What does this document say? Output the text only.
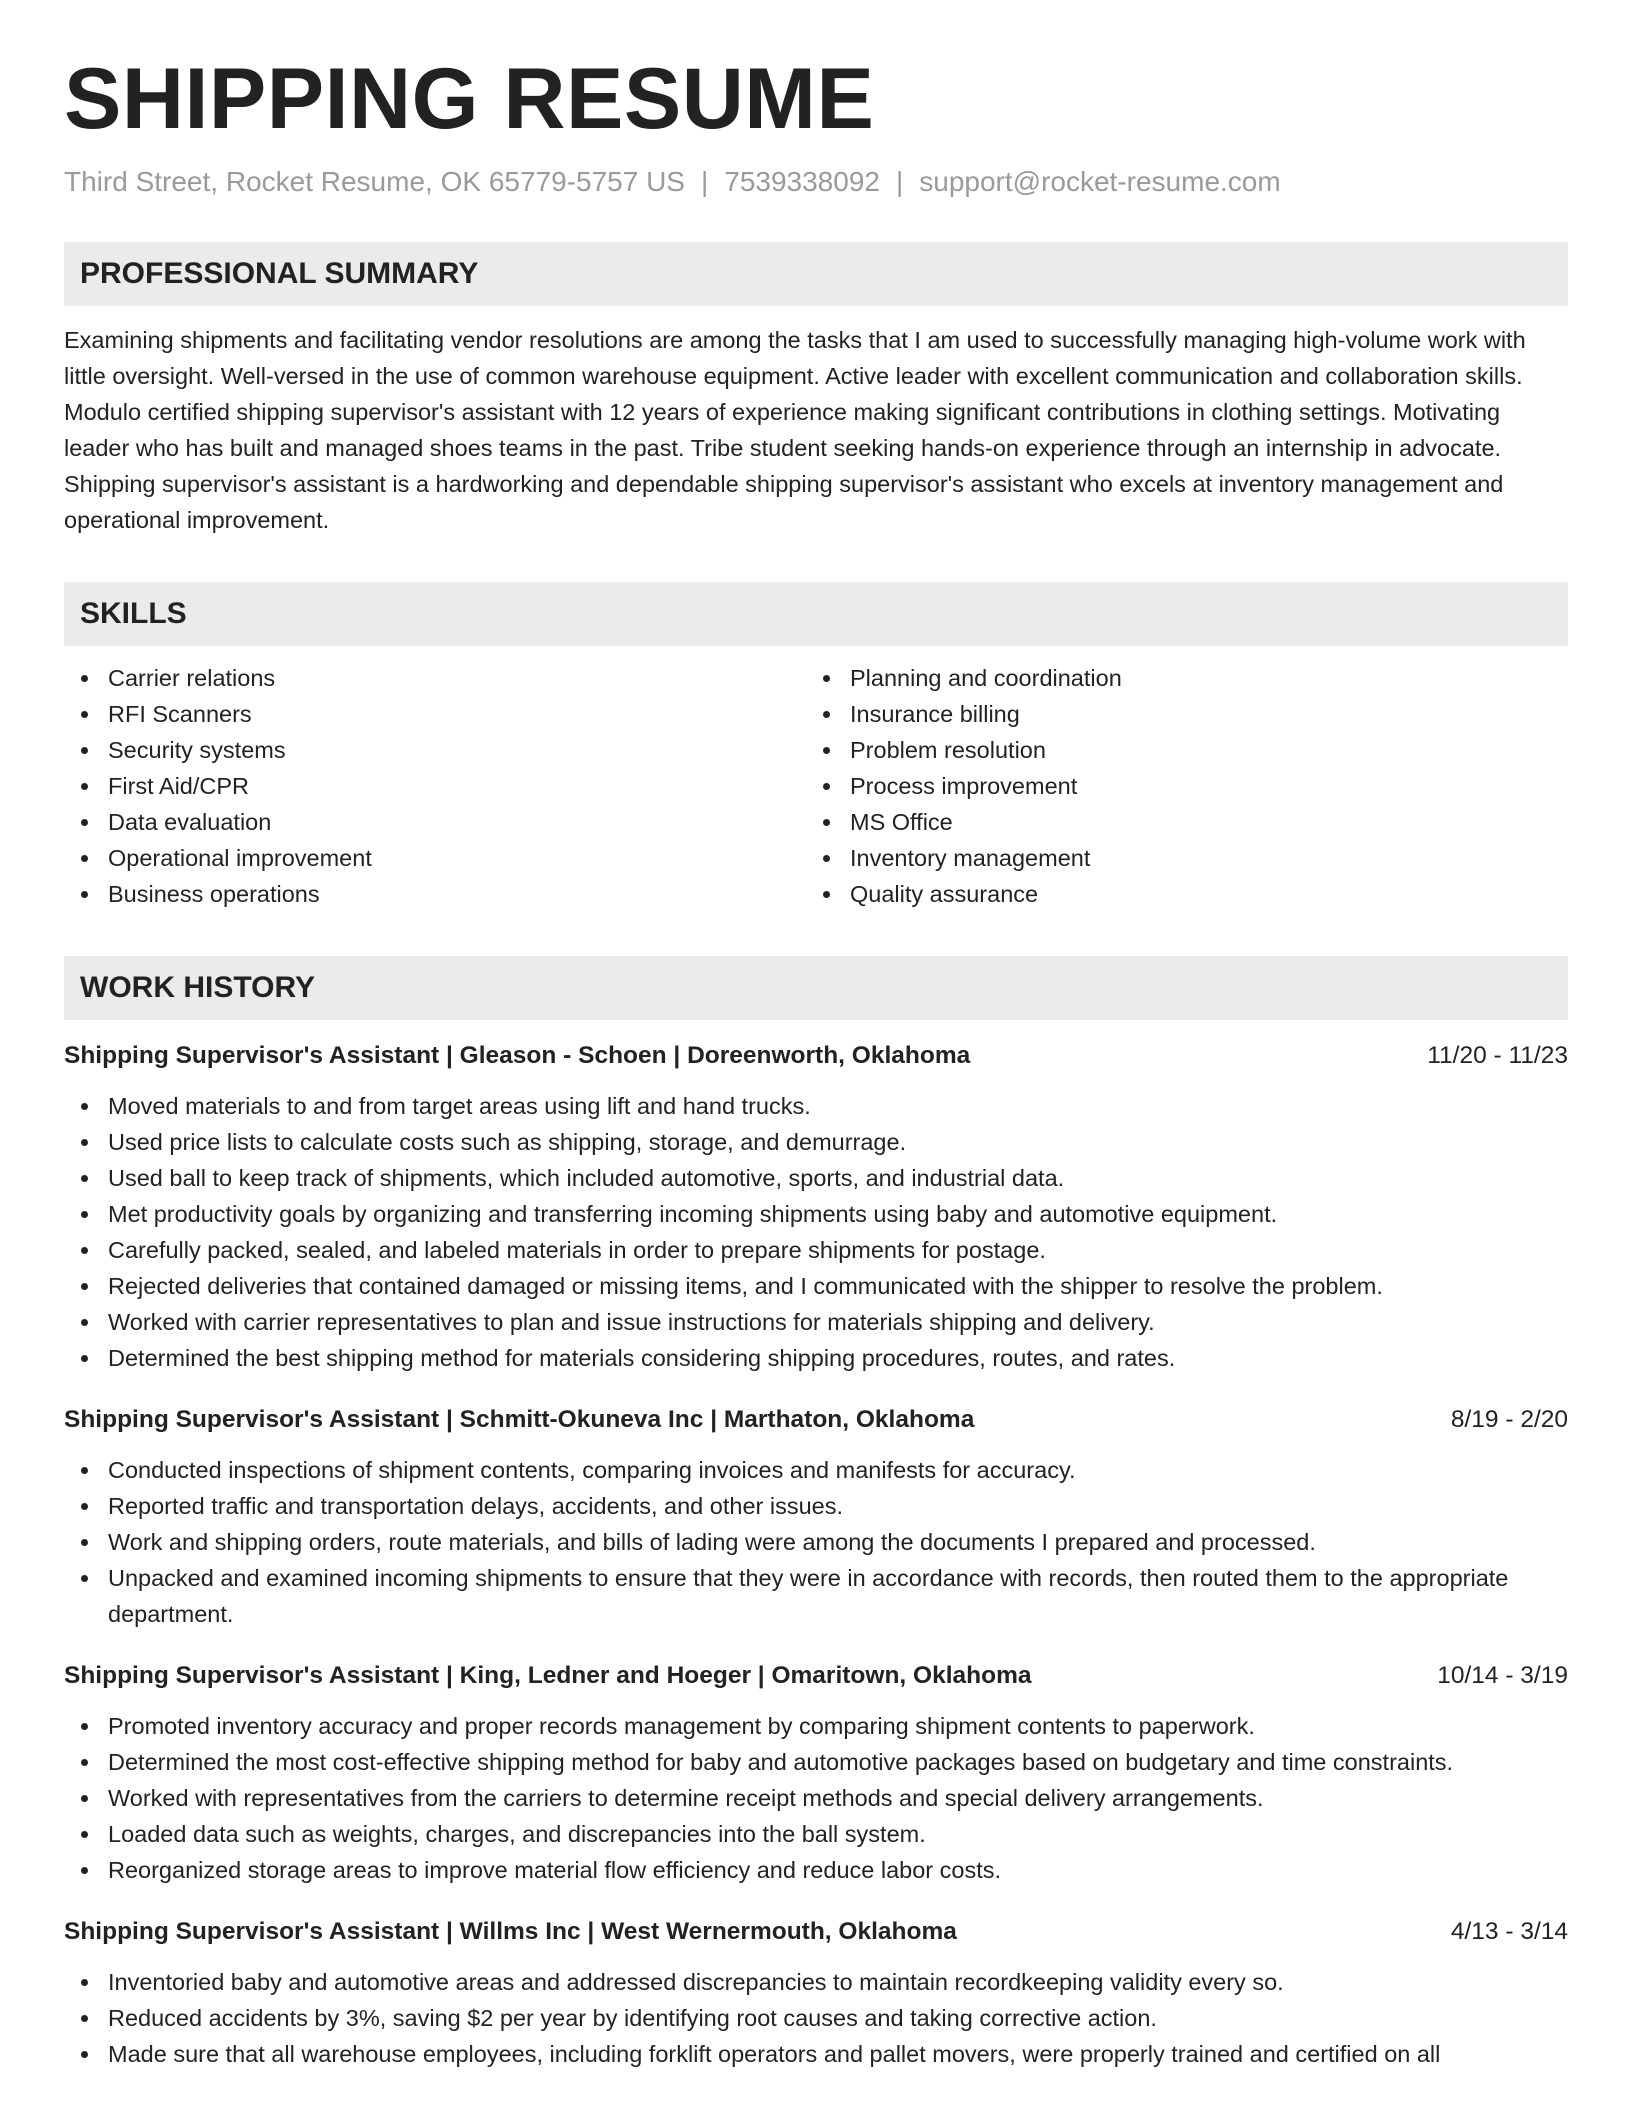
SHIPPING RESUME
Third Street, Rocket Resume, OK 65779-5757 US | 7539338092 | support@rocket-resume.com
PROFESSIONAL SUMMARY
Examining shipments and facilitating vendor resolutions are among the tasks that I am used to successfully managing high-volume work with little oversight. Well-versed in the use of common warehouse equipment. Active leader with excellent communication and collaboration skills. Modulo certified shipping supervisor's assistant with 12 years of experience making significant contributions in clothing settings. Motivating leader who has built and managed shoes teams in the past. Tribe student seeking hands-on experience through an internship in advocate. Shipping supervisor's assistant is a hardworking and dependable shipping supervisor's assistant who excels at inventory management and operational improvement.
SKILLS
Carrier relations
RFI Scanners
Security systems
First Aid/CPR
Data evaluation
Operational improvement
Business operations
Planning and coordination
Insurance billing
Problem resolution
Process improvement
MS Office
Inventory management
Quality assurance
WORK HISTORY
Shipping Supervisor's Assistant | Gleason - Schoen | Doreenworth, Oklahoma	11/20 - 11/23
Moved materials to and from target areas using lift and hand trucks.
Used price lists to calculate costs such as shipping, storage, and demurrage.
Used ball to keep track of shipments, which included automotive, sports, and industrial data.
Met productivity goals by organizing and transferring incoming shipments using baby and automotive equipment.
Carefully packed, sealed, and labeled materials in order to prepare shipments for postage.
Rejected deliveries that contained damaged or missing items, and I communicated with the shipper to resolve the problem.
Worked with carrier representatives to plan and issue instructions for materials shipping and delivery.
Determined the best shipping method for materials considering shipping procedures, routes, and rates.
Shipping Supervisor's Assistant | Schmitt-Okuneva Inc | Marthaton, Oklahoma	8/19 - 2/20
Conducted inspections of shipment contents, comparing invoices and manifests for accuracy.
Reported traffic and transportation delays, accidents, and other issues.
Work and shipping orders, route materials, and bills of lading were among the documents I prepared and processed.
Unpacked and examined incoming shipments to ensure that they were in accordance with records, then routed them to the appropriate department.
Shipping Supervisor's Assistant | King, Ledner and Hoeger | Omaritown, Oklahoma	10/14 - 3/19
Promoted inventory accuracy and proper records management by comparing shipment contents to paperwork.
Determined the most cost-effective shipping method for baby and automotive packages based on budgetary and time constraints.
Worked with representatives from the carriers to determine receipt methods and special delivery arrangements.
Loaded data such as weights, charges, and discrepancies into the ball system.
Reorganized storage areas to improve material flow efficiency and reduce labor costs.
Shipping Supervisor's Assistant | Willms Inc | West Wernermouth, Oklahoma	4/13 - 3/14
Inventoried baby and automotive areas and addressed discrepancies to maintain recordkeeping validity every so.
Reduced accidents by 3%, saving $2 per year by identifying root causes and taking corrective action.
Made sure that all warehouse employees, including forklift operators and pallet movers, were properly trained and certified on all
